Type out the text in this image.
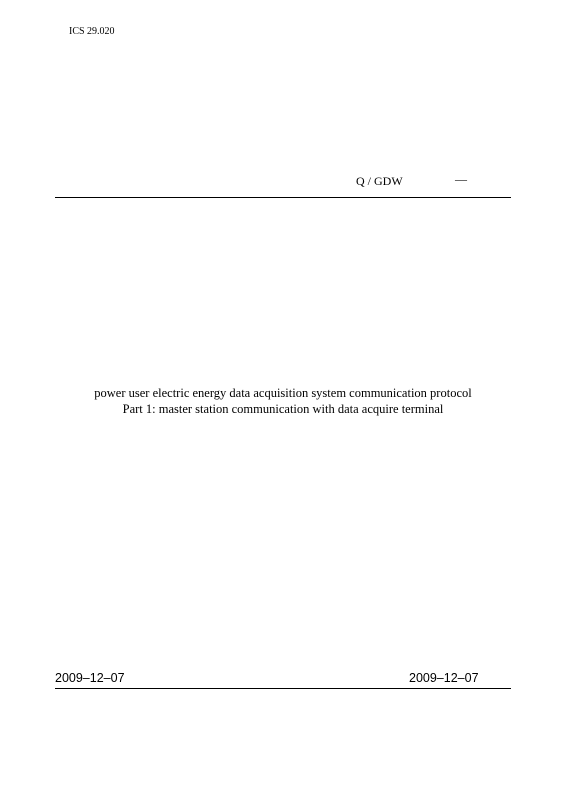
ICS 29.020
Q / GDW	—
power user electric energy data acquisition system communication protocol
Part 1: master station communication with data acquire terminal
2009–12–07	2009–12–07
